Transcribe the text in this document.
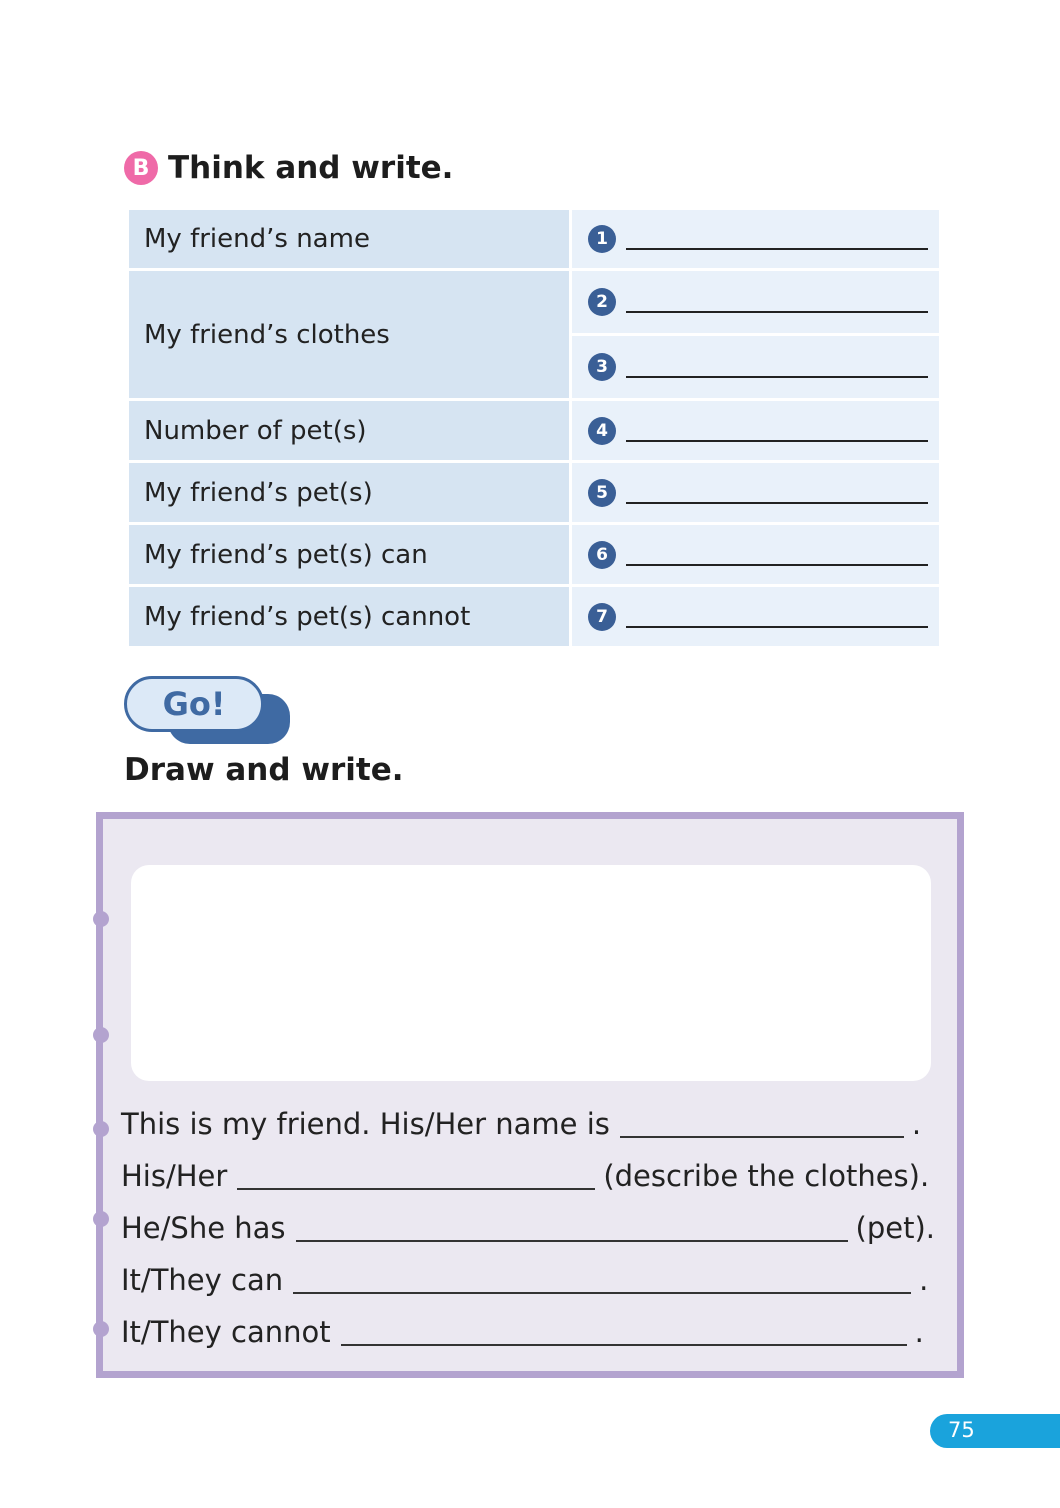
B Think and write.
My friend’s name	1

My friend’s clothes	2

3

Number of pet(s)	4

My friend’s pet(s)	5

My friend’s pet(s) can	6

My friend’s pet(s) cannot	7
Go!
Draw and write.
This is my friend. His/Her name is	.
His/Her	(describe the clothes).
He/She has	(pet).
It/They can	.
It/They cannot	.
75
